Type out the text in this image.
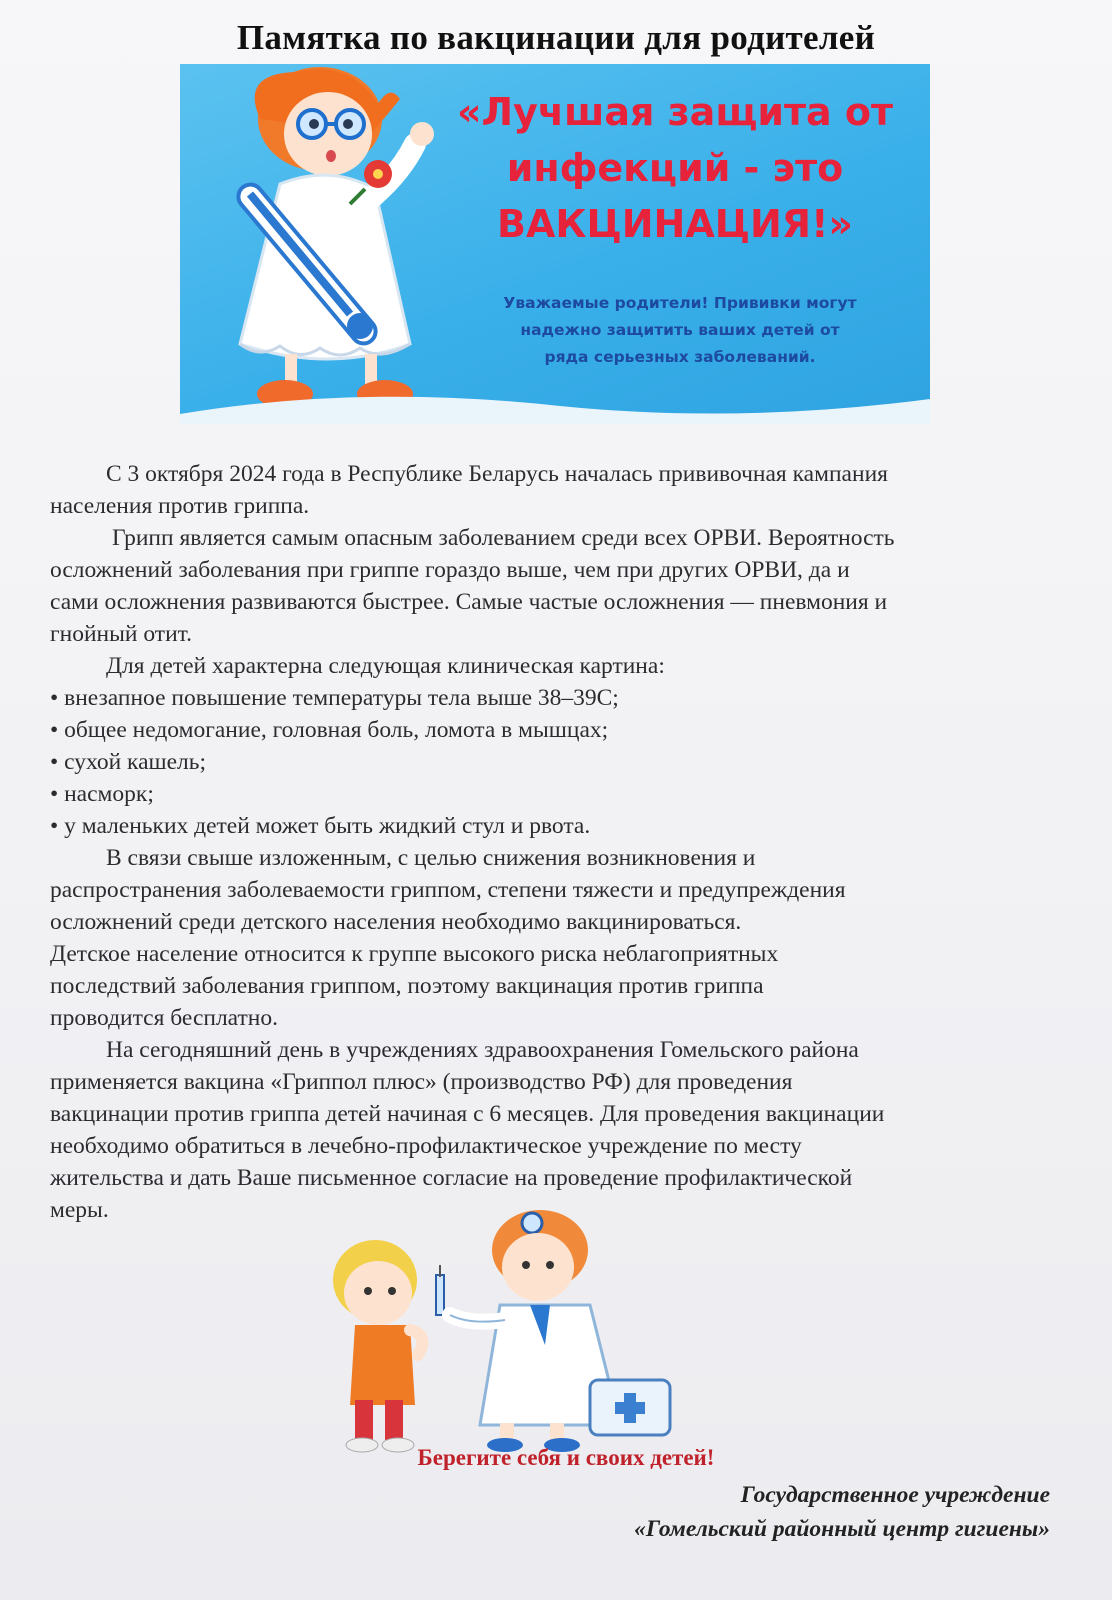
Памятка по вакцинации для родителей
«Лучшая защита от
инфекций - это
ВАКЦИНАЦИЯ!»
Уважаемые родители! Прививки могут
надежно защитить ваших детей от
ряда серьезных заболеваний.

С 3 октября 2024 года в Республике Беларусь началась прививочная кампания
населения против гриппа.

Грипп является самым опасным заболеванием среди всех ОРВИ. Вероятность
осложнений заболевания при гриппе гораздо выше, чем при других ОРВИ, да и
сами осложнения развиваются быстрее. Самые частые осложнения — пневмония и
гнойный отит.

Для детей характерна следующая клиническая картина:

• внезапное повышение температуры тела выше 38–39С;
• общее недомогание, головная боль, ломота в мышцах;
• сухой кашель;
• насморк;
• у маленьких детей может быть жидкий стул и рвота.

В связи свыше изложенным, с целью снижения возникновения и
распространения заболеваемости гриппом, степени тяжести и предупреждения
осложнений среди детского населения необходимо вакцинироваться.
Детское население относится к группе высокого риска неблагоприятных
последствий заболевания гриппом, поэтому вакцинация против гриппа
проводится бесплатно.

На сегодняшний день в учреждениях здравоохранения Гомельского района
применяется вакцина «Гриппол плюс» (производство РФ) для проведения
вакцинации против гриппа детей начиная с 6 месяцев. Для проведения вакцинации
необходимо обратиться в лечебно-профилактическое учреждение по месту
жительства и дать Ваше письменное согласие на проведение профилактической
меры.

Берегите себя и своих детей!
Государственное учреждение
«Гомельский районный центр гигиены»
